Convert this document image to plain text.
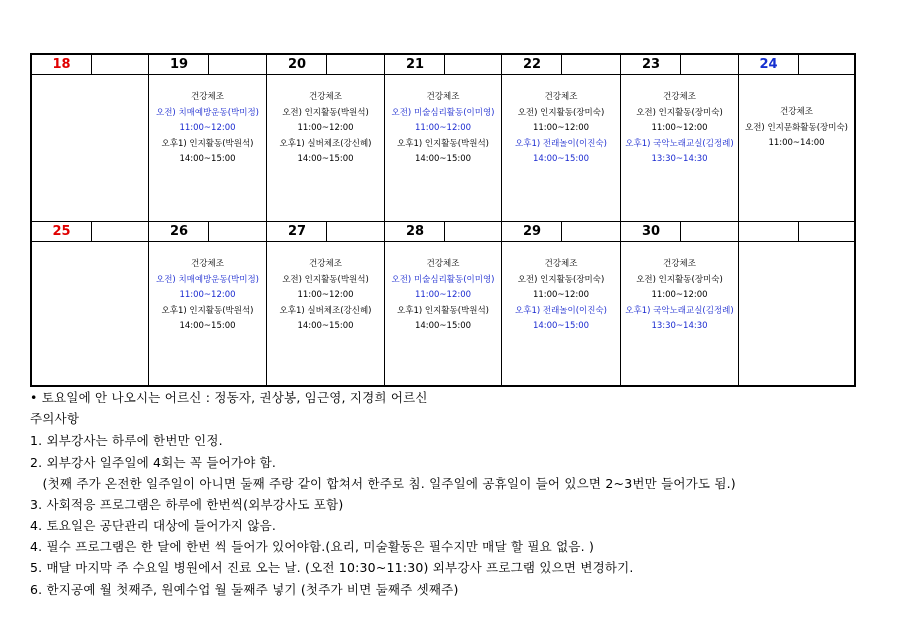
18	19
건강체조
오전) 치매예방운동(박미정)
11:00~12:00
오후1) 인지활동(박원석)
14:00~15:00
20
건강체조
오전) 인지활동(박원석)
11:00~12:00
오후1) 실버체조(강신혜)
14:00~15:00
21
건강체조
오전) 미술심리활동(이미영)
11:00~12:00
오후1) 인지활동(박원석)
14:00~15:00
22
건강체조
오전) 인지활동(장미숙)
11:00~12:00
오후1) 전래놀이(이진숙)
14:00~15:00
23
건강체조
오전) 인지활동(장미숙)
11:00~12:00
오후1) 국악노래교실(김정례)
13:30~14:30
24
건강체조
오전) 인지문화활동(장미숙)
11:00~14:00
25	26
건강체조
오전) 치매예방운동(박미정)
11:00~12:00
오후1) 인지활동(박원석)
14:00~15:00
27
건강체조
오전) 인지활동(박원석)
11:00~12:00
오후1) 실버체조(강신혜)
14:00~15:00
28
건강체조
오전) 미술심리활동(이미영)
11:00~12:00
오후1) 인지활동(박원석)
14:00~15:00
29
건강체조
오전) 인지활동(장미숙)
11:00~12:00
오후1) 전래놀이(이진숙)
14:00~15:00
30
건강체조
오전) 인지활동(장미숙)
11:00~12:00
오후1) 국악노래교실(김정례)
13:30~14:30
• 토요일에 안 나오시는 어르신 : 정동자, 권상봉, 임근영, 지경희 어르신
주의사항
1. 외부강사는 하루에 한번만 인정.
2. 외부강사 일주일에 4회는 꼭 들어가야 함.
(첫째 주가 온전한 일주일이 아니면 둘째 주랑 같이 합쳐서 한주로 침. 일주일에 공휴일이 들어 있으면 2~3번만 들어가도 됨.)
3. 사회적응 프로그램은 하루에 한번씩(외부강사도 포함)
4. 토요일은 공단관리 대상에 들어가지 않음.
4. 필수 프로그램은 한 달에 한번 씩 들어가 있어야함.(요리, 미술활동은 필수지만 매달 할 필요 없음. )
5. 매달 마지막 주 수요일 병원에서 진료 오는 날. (오전 10:30~11:30) 외부강사 프로그램 있으면 변경하기.
6. 한지공예 월 첫째주, 원예수업 월 둘째주 넣기 (첫주가 비면 둘째주 셋째주)
